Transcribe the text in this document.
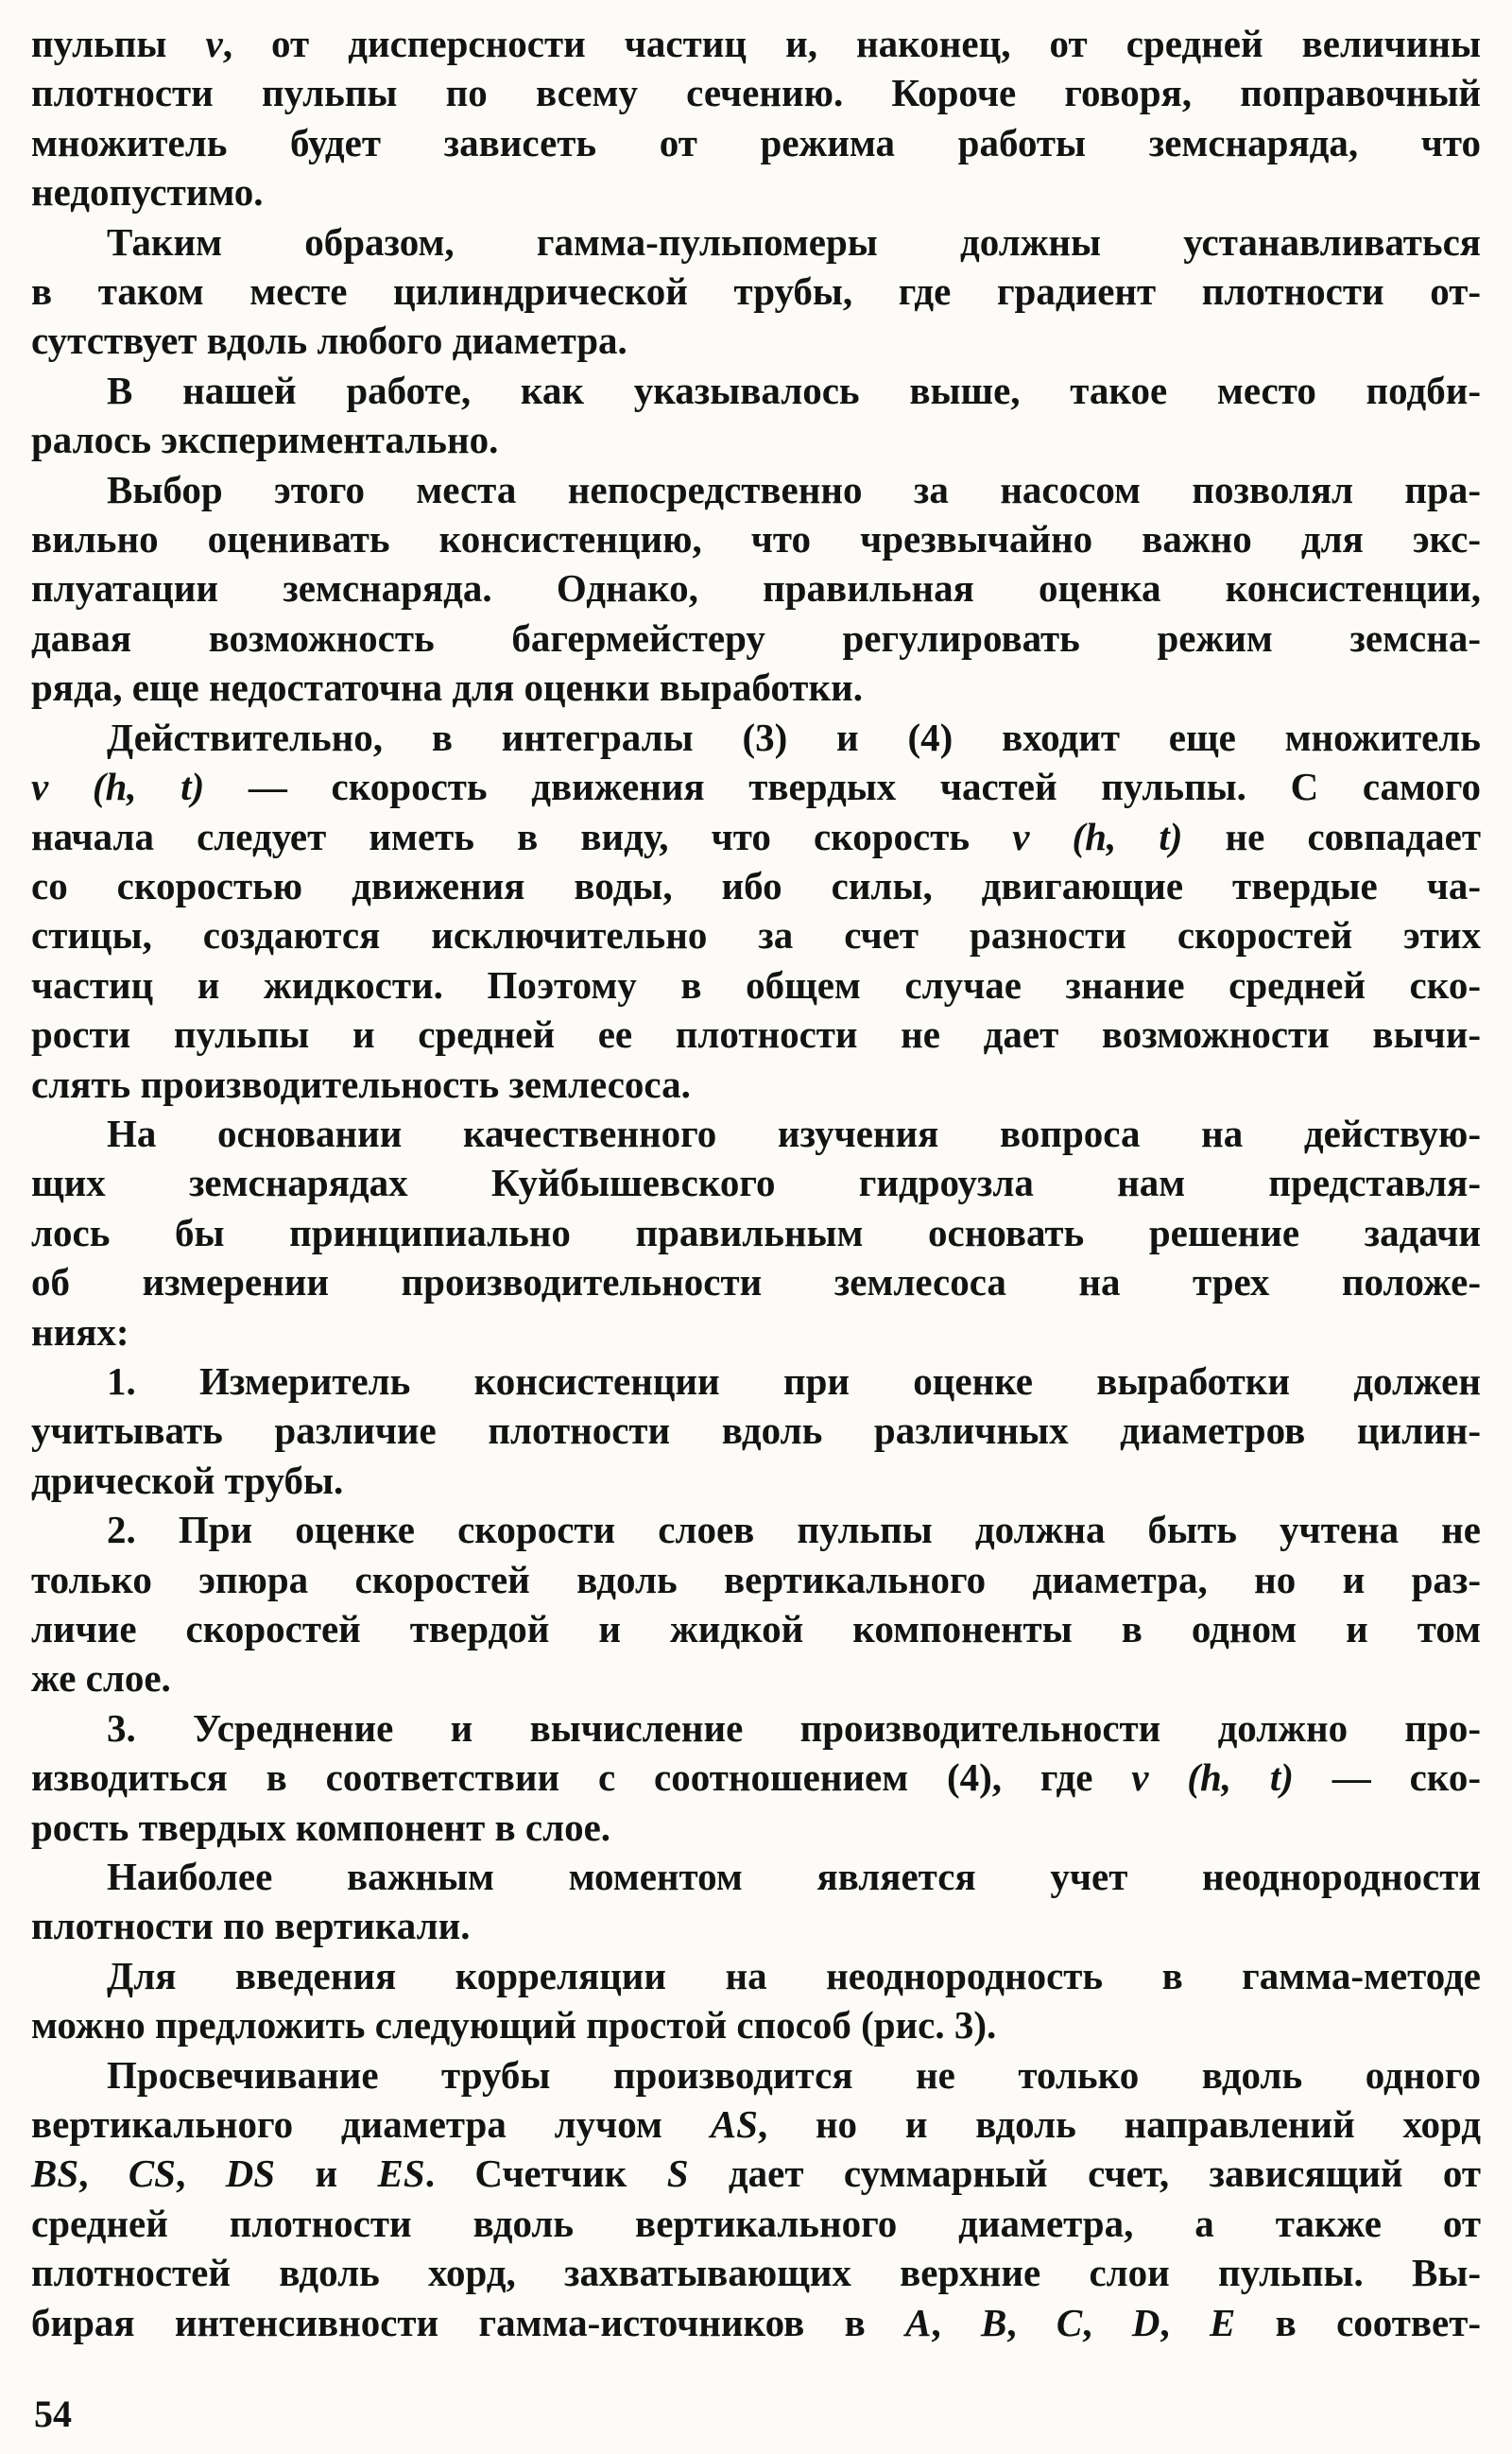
пульпы v, от дисперсности частиц и, наконец, от средней величины
плотности пульпы по всему сечению. Короче говоря, поправочный
множитель будет зависеть от режима работы земснаряда, что
недопустимо.
Таким образом, гамма-пульпомеры должны устанавливаться
в таком месте цилиндрической трубы, где градиент плотности от-
сутствует вдоль любого диаметра.
В нашей работе, как указывалось выше, такое место подби-
ралось экспериментально.
Выбор этого места непосредственно за насосом позволял пра-
вильно оценивать консистенцию, что чрезвычайно важно для экс-
плуатации земснаряда. Однако, правильная оценка консистенции,
давая возможность багермейстеру регулировать режим земсна-
ряда, еще недостаточна для оценки выработки.
Действительно, в интегралы (3) и (4) входит еще множитель
v (h, t) — скорость движения твердых частей пульпы. С самого
начала следует иметь в виду, что скорость v (h, t) не совпадает
со скоростью движения воды, ибо силы, двигающие твердые ча-
стицы, создаются исключительно за счет разности скоростей этих
частиц и жидкости. Поэтому в общем случае знание средней ско-
рости пульпы и средней ее плотности не дает возможности вычи-
слять производительность землесоса.
На основании качественного изучения вопроса на действую-
щих земснарядах Куйбышевского гидроузла нам представля-
лось бы принципиально правильным основать решение задачи
об измерении производительности землесоса на трех положе-
ниях:
1. Измеритель консистенции при оценке выработки должен
учитывать различие плотности вдоль различных диаметров цилин-
дрической трубы.
2. При оценке скорости слоев пульпы должна быть учтена не
только эпюра скоростей вдоль вертикального диаметра, но и раз-
личие скоростей твердой и жидкой компоненты в одном и том
же слое.
3. Усреднение и вычисление производительности должно про-
изводиться в соответствии с соотношением (4), где v (h, t) — ско-
рость твердых компонент в слое.
Наиболее важным моментом является учет неоднородности
плотности по вертикали.
Для введения корреляции на неоднородность в гамма-методе
можно предложить следующий простой способ (рис. 3).
Просвечивание трубы производится не только вдоль одного
вертикального диаметра лучом AS, но и вдоль направлений хорд
BS, CS, DS и ES. Счетчик S дает суммарный счет, зависящий от
средней плотности вдоль вертикального диаметра, а также от
плотностей вдоль хорд, захватывающих верхние слои пульпы. Вы-
бирая интенсивности гамма-источников в A, B, C, D, E в соответ-
54
